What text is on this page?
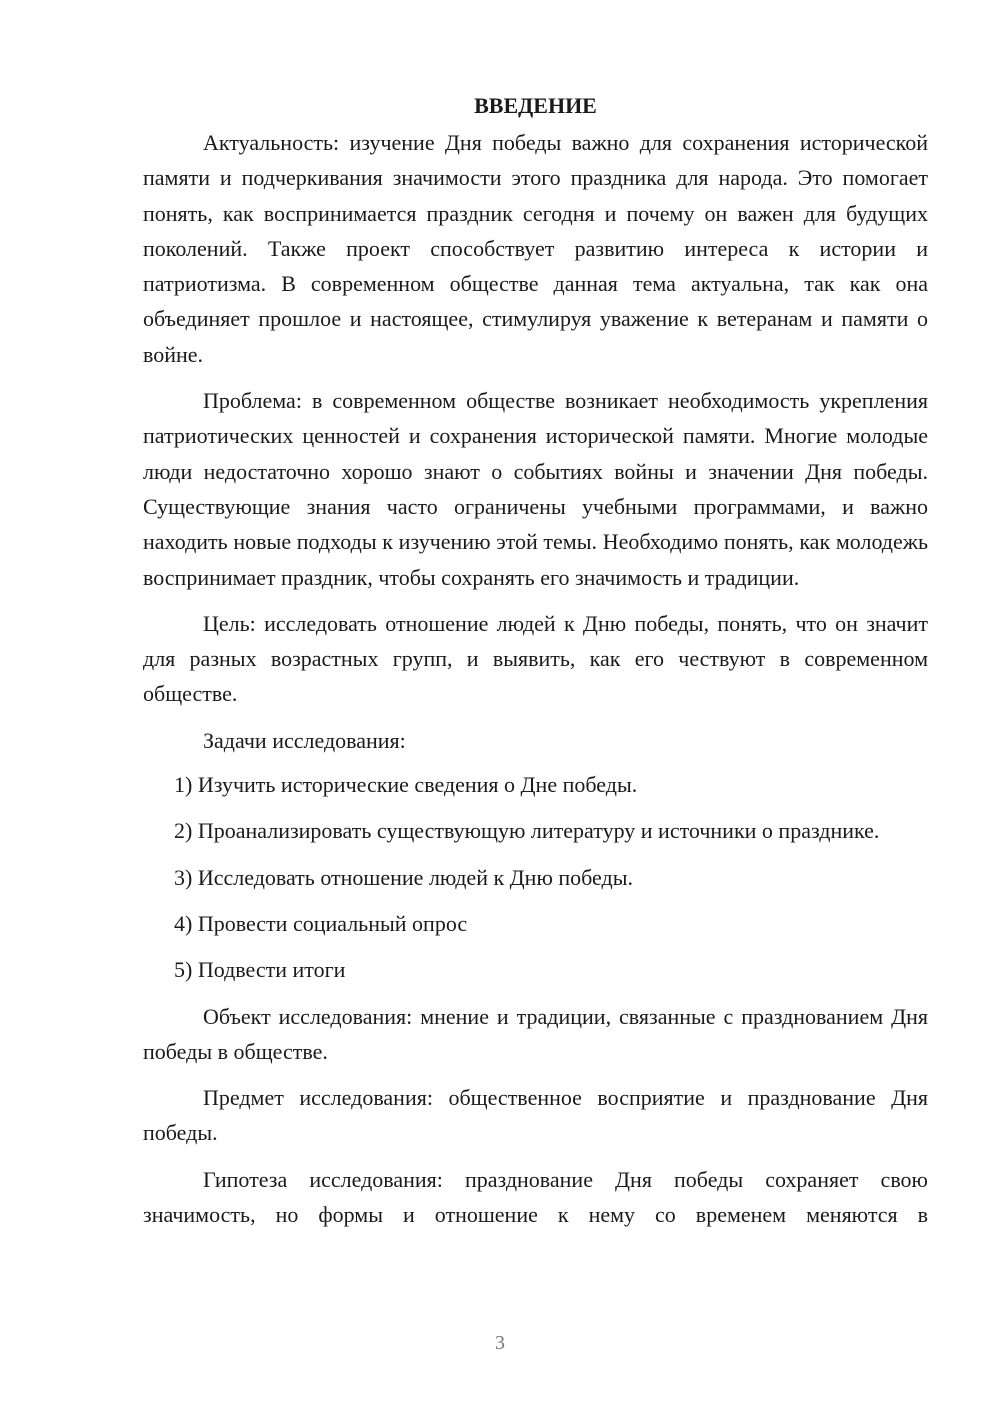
ВВЕДЕНИЕ

Актуальность: изучение Дня победы важно для сохранения исторической памяти и подчеркивания значимости этого праздника для народа. Это помогает понять, как воспринимается праздник сегодня и почему он важен для будущих поколений. Также проект способствует развитию интереса к истории и патриотизма. В современном обществе данная тема актуальна, так как она объединяет прошлое и настоящее, стимулируя уважение к ветеранам и памяти о войне.

Проблема: в современном обществе возникает необходимость укрепления патриотических ценностей и сохранения исторической памяти. Многие молодые люди недостаточно хорошо знают о событиях войны и значении Дня победы. Существующие знания часто ограничены учебными программами, и важно находить новые подходы к изучению этой темы. Необходимо понять, как молодежь воспринимает праздник, чтобы сохранять его значимость и традиции.

Цель: исследовать отношение людей к Дню победы, понять, что он значит для разных возрастных групп, и выявить, как его чествуют в современном обществе.

Задачи исследования:

1) Изучить исторические сведения о Дне победы.

2) Проанализировать существующую литературу и источники о празднике.

3) Исследовать отношение людей к Дню победы.

4) Провести социальный опрос

5) Подвести итоги

Объект исследования: мнение и традиции, связанные с празднованием Дня победы в обществе.

Предмет исследования: общественное восприятие и празднование Дня победы.

Гипотеза исследования: празднование Дня победы сохраняет свою значимость, но формы и отношение к нему со временем меняются в

3
